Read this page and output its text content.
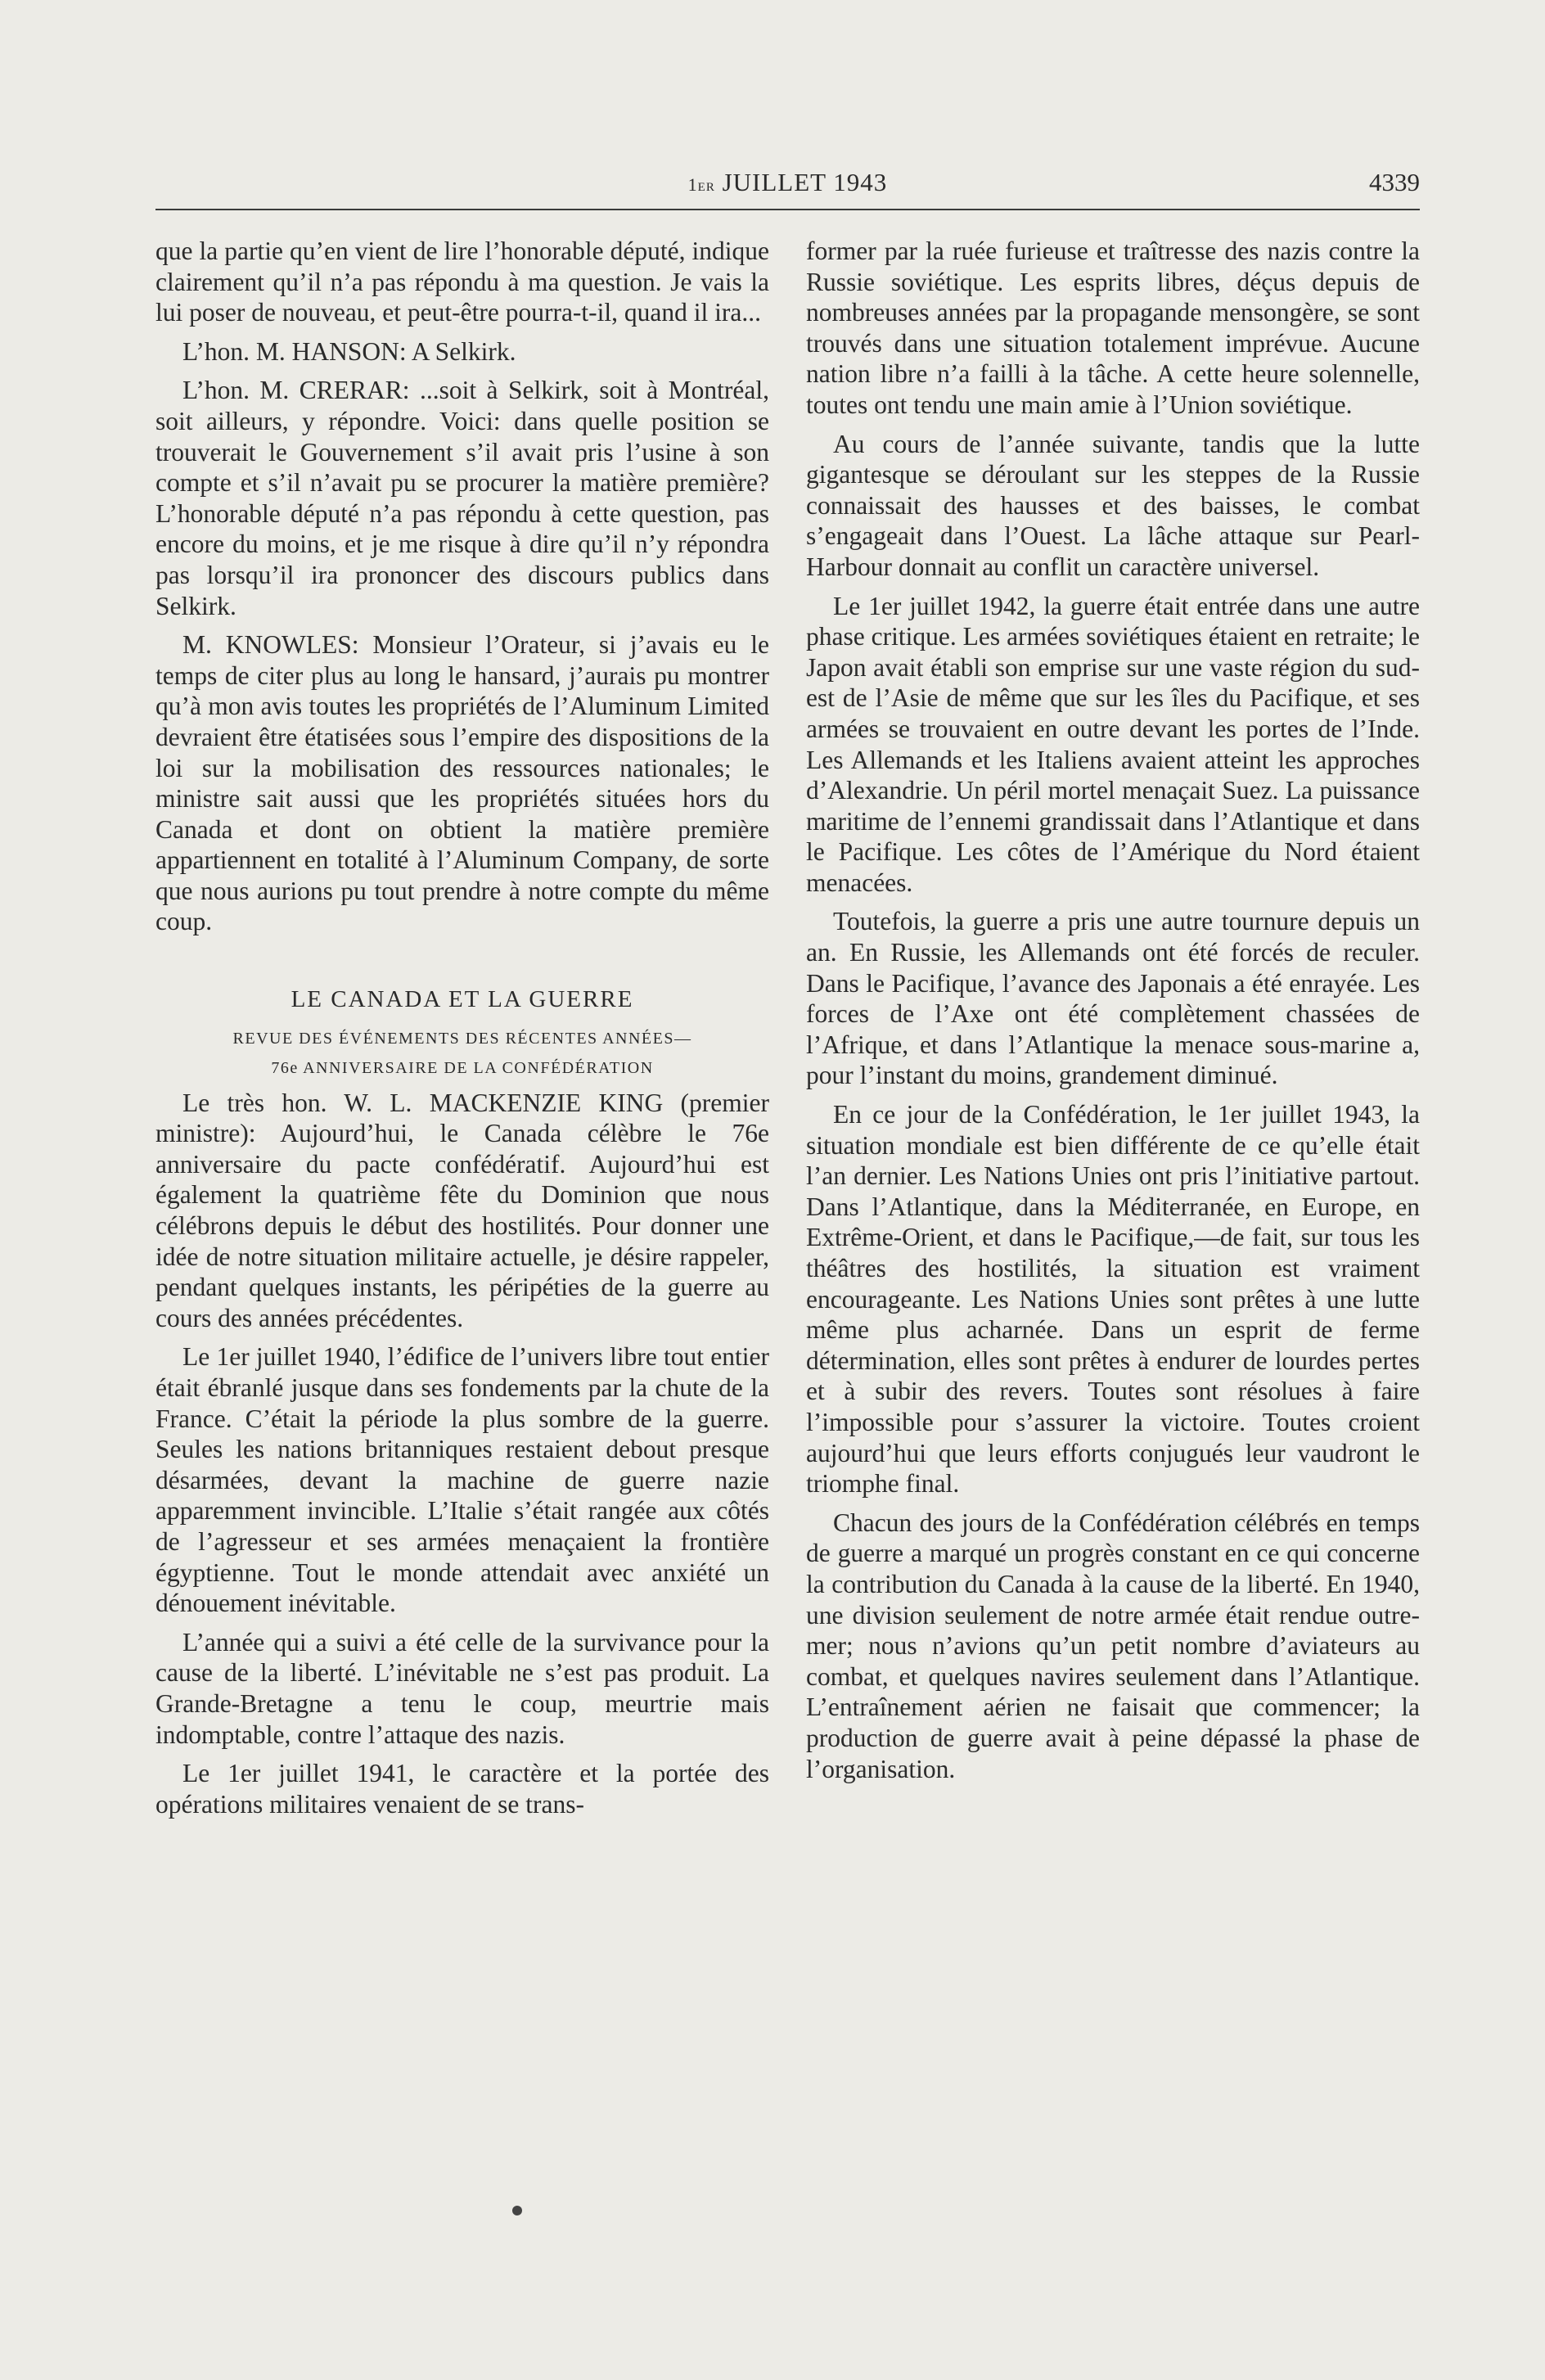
1er JUILLET 1943	4339

que la partie qu’en vient de lire l’honorable député, indique clairement qu’il n’a pas répondu à ma question. Je vais la lui poser de nouveau, et peut-être pourra-t-il, quand il ira...

L’hon. M. HANSON: A Selkirk.

L’hon. M. CRERAR: ...soit à Selkirk, soit à Montréal, soit ailleurs, y répondre. Voici: dans quelle position se trouverait le Gouvernement s’il avait pris l’usine à son compte et s’il n’avait pu se procurer la matière première? L’honorable député n’a pas répondu à cette question, pas encore du moins, et je me risque à dire qu’il n’y répondra pas lorsqu’il ira prononcer des discours publics dans Selkirk.

M. KNOWLES: Monsieur l’Orateur, si j’avais eu le temps de citer plus au long le hansard, j’aurais pu montrer qu’à mon avis toutes les propriétés de l’Aluminum Limited devraient être étatisées sous l’empire des dispositions de la loi sur la mobilisation des ressources nationales; le ministre sait aussi que les propriétés situées hors du Canada et dont on obtient la matière première appartiennent en totalité à l’Aluminum Company, de sorte que nous aurions pu tout prendre à notre compte du même coup.

LE CANADA ET LA GUERRE

REVUE DES ÉVÉNEMENTS DES RÉCENTES ANNÉES—
76e ANNIVERSAIRE DE LA CONFÉDÉRATION

Le très hon. W. L. MACKENZIE KING (premier ministre): Aujourd’hui, le Canada célèbre le 76e anniversaire du pacte confédératif. Aujourd’hui est également la quatrième fête du Dominion que nous célébrons depuis le début des hostilités. Pour donner une idée de notre situation militaire actuelle, je désire rappeler, pendant quelques instants, les péripéties de la guerre au cours des années précédentes.

Le 1er juillet 1940, l’édifice de l’univers libre tout entier était ébranlé jusque dans ses fondements par la chute de la France. C’était la période la plus sombre de la guerre. Seules les nations britanniques restaient debout presque désarmées, devant la machine de guerre nazie apparemment invincible. L’Italie s’était rangée aux côtés de l’agresseur et ses armées menaçaient la frontière égyptienne. Tout le monde attendait avec anxiété un dénouement inévitable.

L’année qui a suivi a été celle de la survivance pour la cause de la liberté. L’inévitable ne s’est pas produit. La Grande-Bretagne a tenu le coup, meurtrie mais indomptable, contre l’attaque des nazis.

Le 1er juillet 1941, le caractère et la portée des opérations militaires venaient de se trans-

former par la ruée furieuse et traîtresse des nazis contre la Russie soviétique. Les esprits libres, déçus depuis de nombreuses années par la propagande mensongère, se sont trouvés dans une situation totalement imprévue. Aucune nation libre n’a failli à la tâche. A cette heure solennelle, toutes ont tendu une main amie à l’Union soviétique.

Au cours de l’année suivante, tandis que la lutte gigantesque se déroulant sur les steppes de la Russie connaissait des hausses et des baisses, le combat s’engageait dans l’Ouest. La lâche attaque sur Pearl-Harbour donnait au conflit un caractère universel.

Le 1er juillet 1942, la guerre était entrée dans une autre phase critique. Les armées soviétiques étaient en retraite; le Japon avait établi son emprise sur une vaste région du sud-est de l’Asie de même que sur les îles du Pacifique, et ses armées se trouvaient en outre devant les portes de l’Inde. Les Allemands et les Italiens avaient atteint les approches d’Alexandrie. Un péril mortel menaçait Suez. La puissance maritime de l’ennemi grandissait dans l’Atlantique et dans le Pacifique. Les côtes de l’Amérique du Nord étaient menacées.

Toutefois, la guerre a pris une autre tournure depuis un an. En Russie, les Allemands ont été forcés de reculer. Dans le Pacifique, l’avance des Japonais a été enrayée. Les forces de l’Axe ont été complètement chassées de l’Afrique, et dans l’Atlantique la menace sous-marine a, pour l’instant du moins, grandement diminué.

En ce jour de la Confédération, le 1er juillet 1943, la situation mondiale est bien différente de ce qu’elle était l’an dernier. Les Nations Unies ont pris l’initiative partout. Dans l’Atlantique, dans la Méditerranée, en Europe, en Extrême-Orient, et dans le Pacifique,—de fait, sur tous les théâtres des hostilités, la situation est vraiment encourageante. Les Nations Unies sont prêtes à une lutte même plus acharnée. Dans un esprit de ferme détermination, elles sont prêtes à endurer de lourdes pertes et à subir des revers. Toutes sont résolues à faire l’impossible pour s’assurer la victoire. Toutes croient aujourd’hui que leurs efforts conjugués leur vaudront le triomphe final.

Chacun des jours de la Confédération célébrés en temps de guerre a marqué un progrès constant en ce qui concerne la contribution du Canada à la cause de la liberté. En 1940, une division seulement de notre armée était rendue outre-mer; nous n’avions qu’un petit nombre d’aviateurs au combat, et quelques navires seulement dans l’Atlantique. L’entraînement aérien ne faisait que commencer; la production de guerre avait à peine dépassé la phase de l’organisation.
